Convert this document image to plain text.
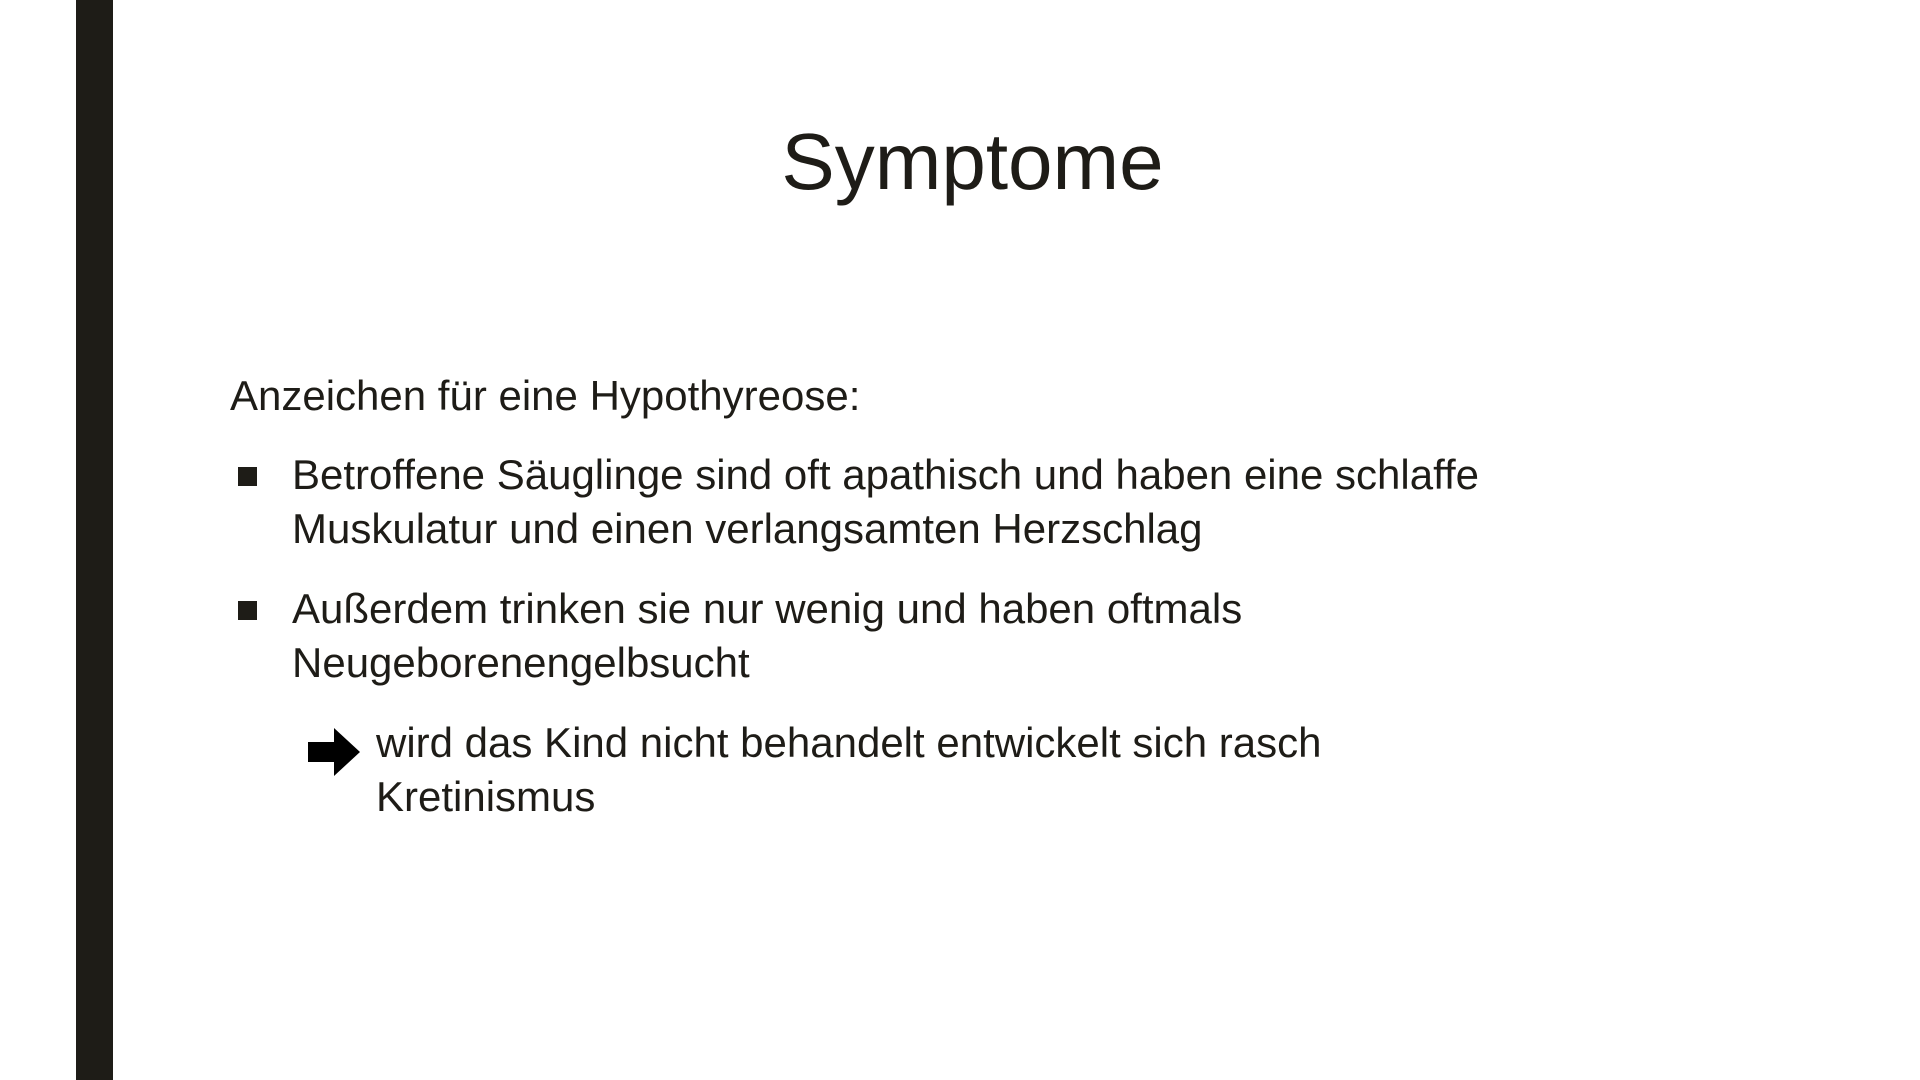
Symptome

Anzeichen für eine Hypothyreose:

Betroffene Säuglinge sind oft apathisch und haben eine schlaffe
Muskulatur und einen verlangsamten Herzschlag
Außerdem trinken sie nur wenig und haben oftmals
Neugeborenengelbsucht
wird das Kind nicht behandelt entwickelt sich rasch
Kretinismus
